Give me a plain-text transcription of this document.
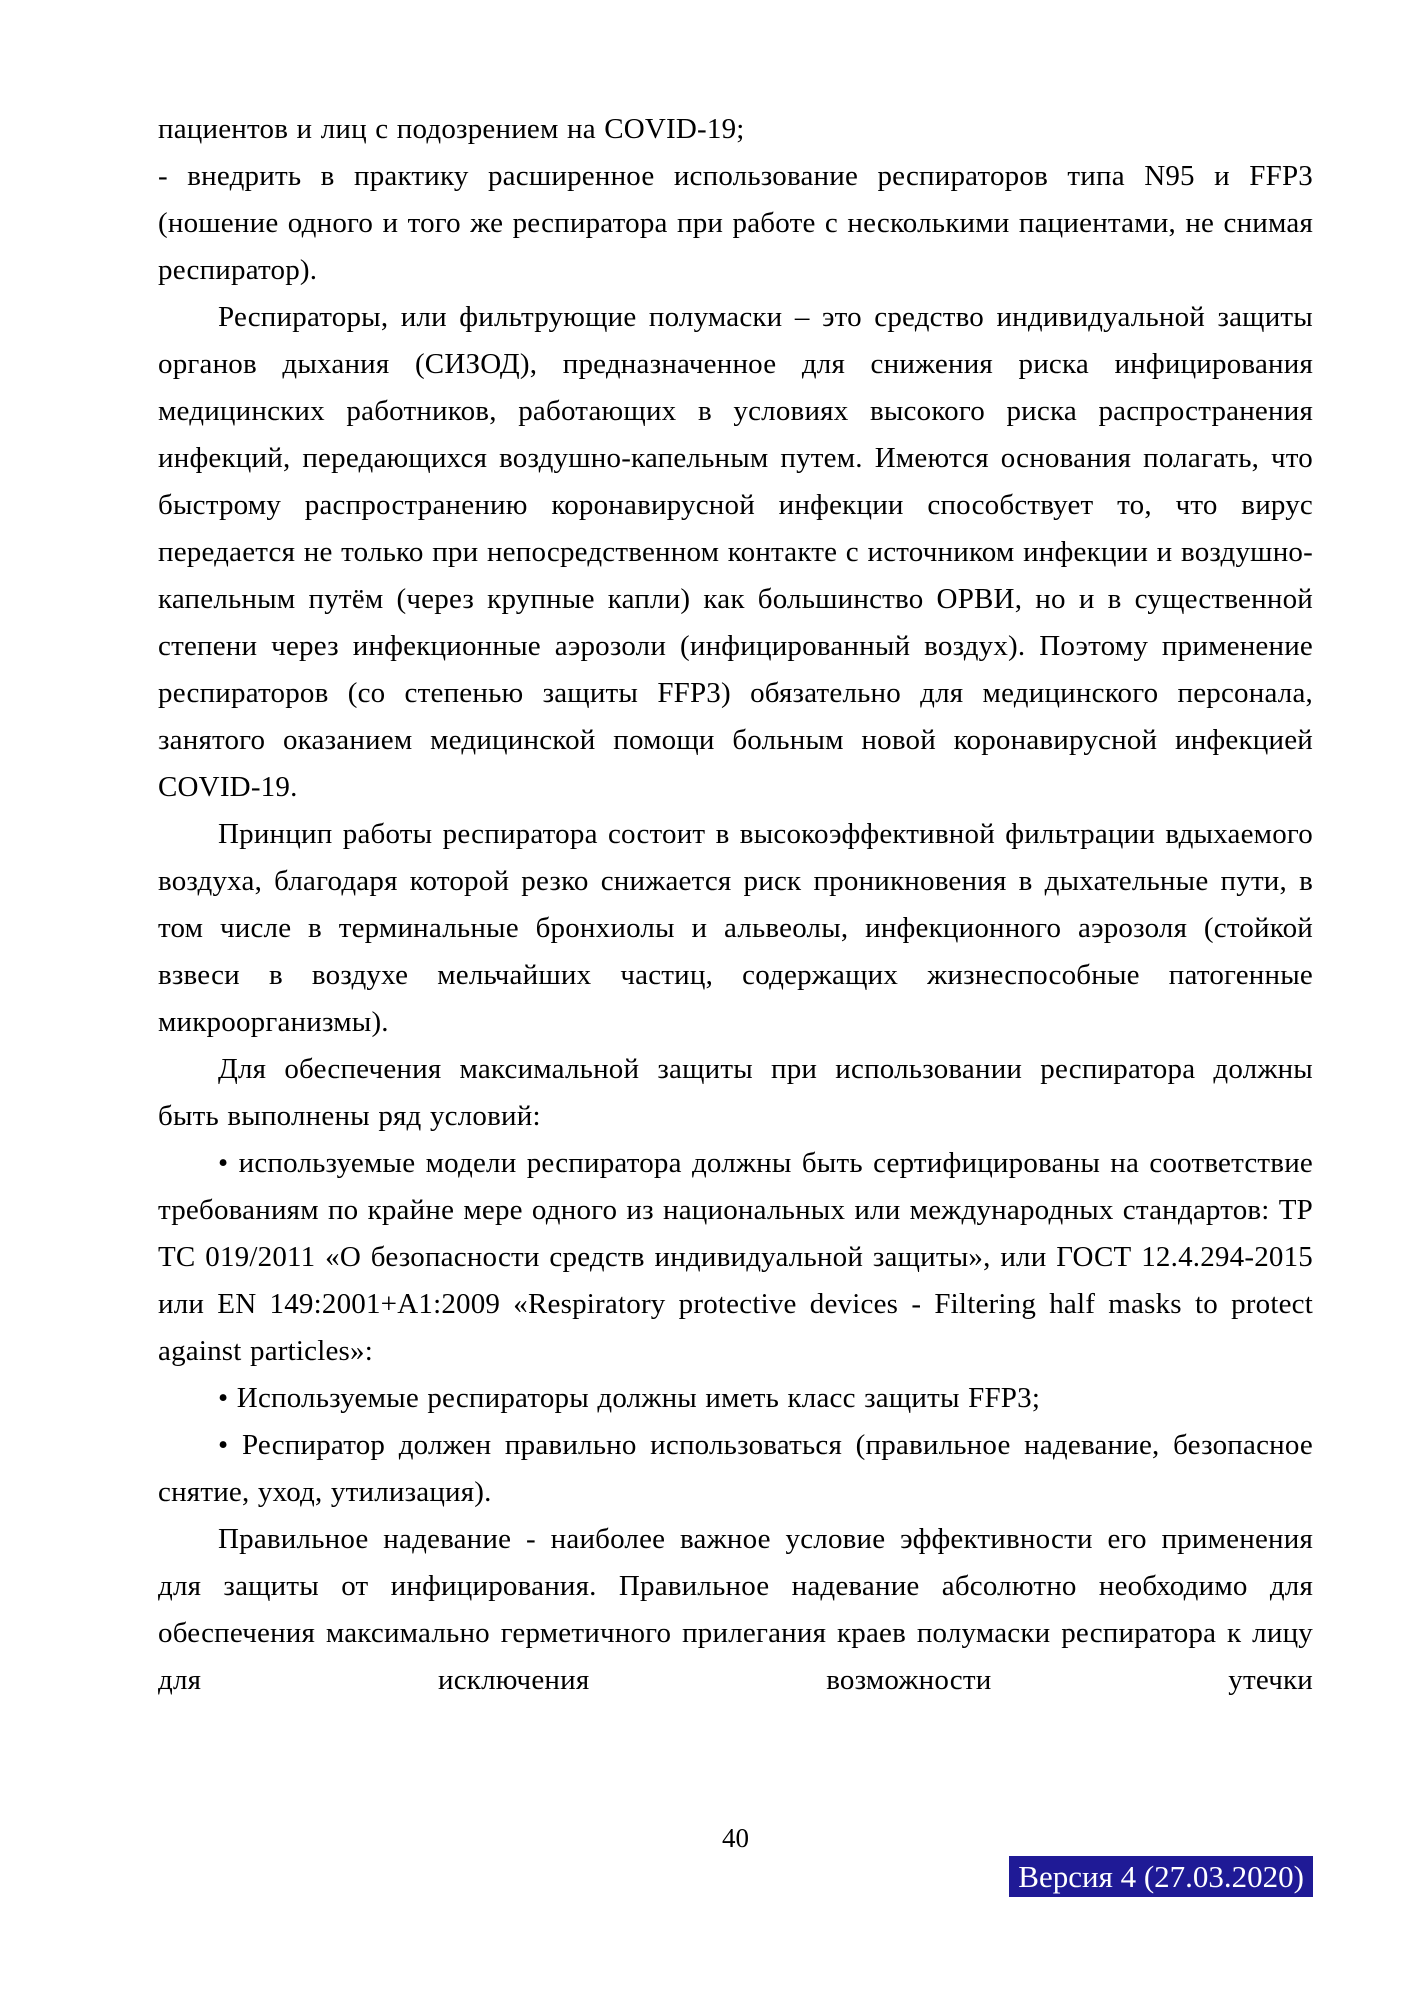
пациентов и лиц с подозрением на COVID-19;

- внедрить в практику расширенное использование респираторов типа N95 и FFP3 (ношение одного и того же респиратора при работе с несколькими пациентами, не снимая респиратор).

Респираторы, или фильтрующие полумаски – это средство индивидуальной защиты органов дыхания (СИЗОД), предназначенное для снижения риска инфицирования медицинских работников, работающих в условиях высокого риска распространения инфекций, передающихся воздушно-капельным путем. Имеются основания полагать, что быстрому распространению коронавирусной инфекции способствует то, что вирус передается не только при непосредственном контакте с источником инфекции и воздушно-капельным путём (через крупные капли) как большинство ОРВИ, но и в существенной степени через инфекционные аэрозоли (инфицированный воздух). Поэтому применение респираторов (со степенью защиты FFP3) обязательно для медицинского персонала, занятого оказанием медицинской помощи больным новой коронавирусной инфекцией COVID-19.

Принцип работы респиратора состоит в высокоэффективной фильтрации вдыхаемого воздуха, благодаря которой резко снижается риск проникновения в дыхательные пути, в том числе в терминальные бронхиолы и альвеолы, инфекционного аэрозоля (стойкой взвеси в воздухе мельчайших частиц, содержащих жизнеспособные патогенные микроорганизмы).

Для обеспечения максимальной защиты при использовании респиратора должны быть выполнены ряд условий:

• используемые модели респиратора должны быть сертифицированы на соответствие требованиям по крайне мере одного из национальных или международных стандартов: ТР ТС 019/2011 «О безопасности средств индивидуальной защиты», или ГОСТ 12.4.294-2015 или EN 149:2001+A1:2009 «Respiratory protective devices - Filtering half masks to protect against particles»:

• Используемые респираторы должны иметь класс защиты FFP3;

• Респиратор должен правильно использоваться (правильное надевание, безопасное снятие, уход, утилизация).

Правильное надевание - наиболее важное условие эффективности его применения для защиты от инфицирования. Правильное надевание абсолютно необходимо для обеспечения максимально герметичного прилегания краев полумаски респиратора к лицу для исключения возможности утечки

40
Версия 4 (27.03.2020)
